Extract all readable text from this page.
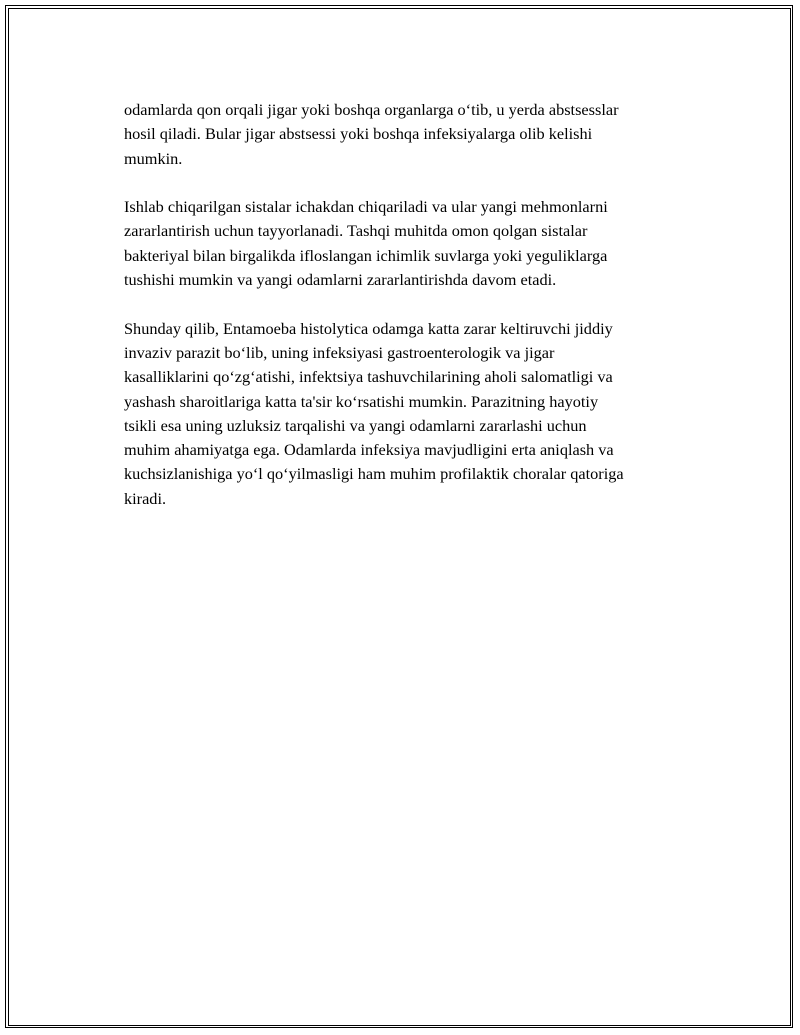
odamlarda qon orqali jigar yoki boshqa organlarga o‘tib, u yerda abstsesslar
hosil qiladi. Bular jigar abstsessi yoki boshqa infeksiyalarga olib kelishi
mumkin.

Ishlab chiqarilgan sistalar ichakdan chiqariladi va ular yangi mehmonlarni
zararlantirish uchun tayyorlanadi. Tashqi muhitda omon qolgan sistalar
bakteriyal bilan birgalikda ifloslangan ichimlik suvlarga yoki yeguliklarga
tushishi mumkin va yangi odamlarni zararlantirishda davom etadi.

Shunday qilib, Entamoeba histolytica odamga katta zarar keltiruvchi jiddiy
invaziv parazit bo‘lib, uning infeksiyasi gastroenterologik va jigar
kasalliklarini qo‘zg‘atishi, infektsiya tashuvchilarining aholi salomatligi va
yashash sharoitlariga katta ta'sir ko‘rsatishi mumkin. Parazitning hayotiy
tsikli esa uning uzluksiz tarqalishi va yangi odamlarni zararlashi uchun
muhim ahamiyatga ega. Odamlarda infeksiya mavjudligini erta aniqlash va
kuchsizlanishiga yo‘l qo‘yilmasligi ham muhim profilaktik choralar qatoriga
kiradi.
